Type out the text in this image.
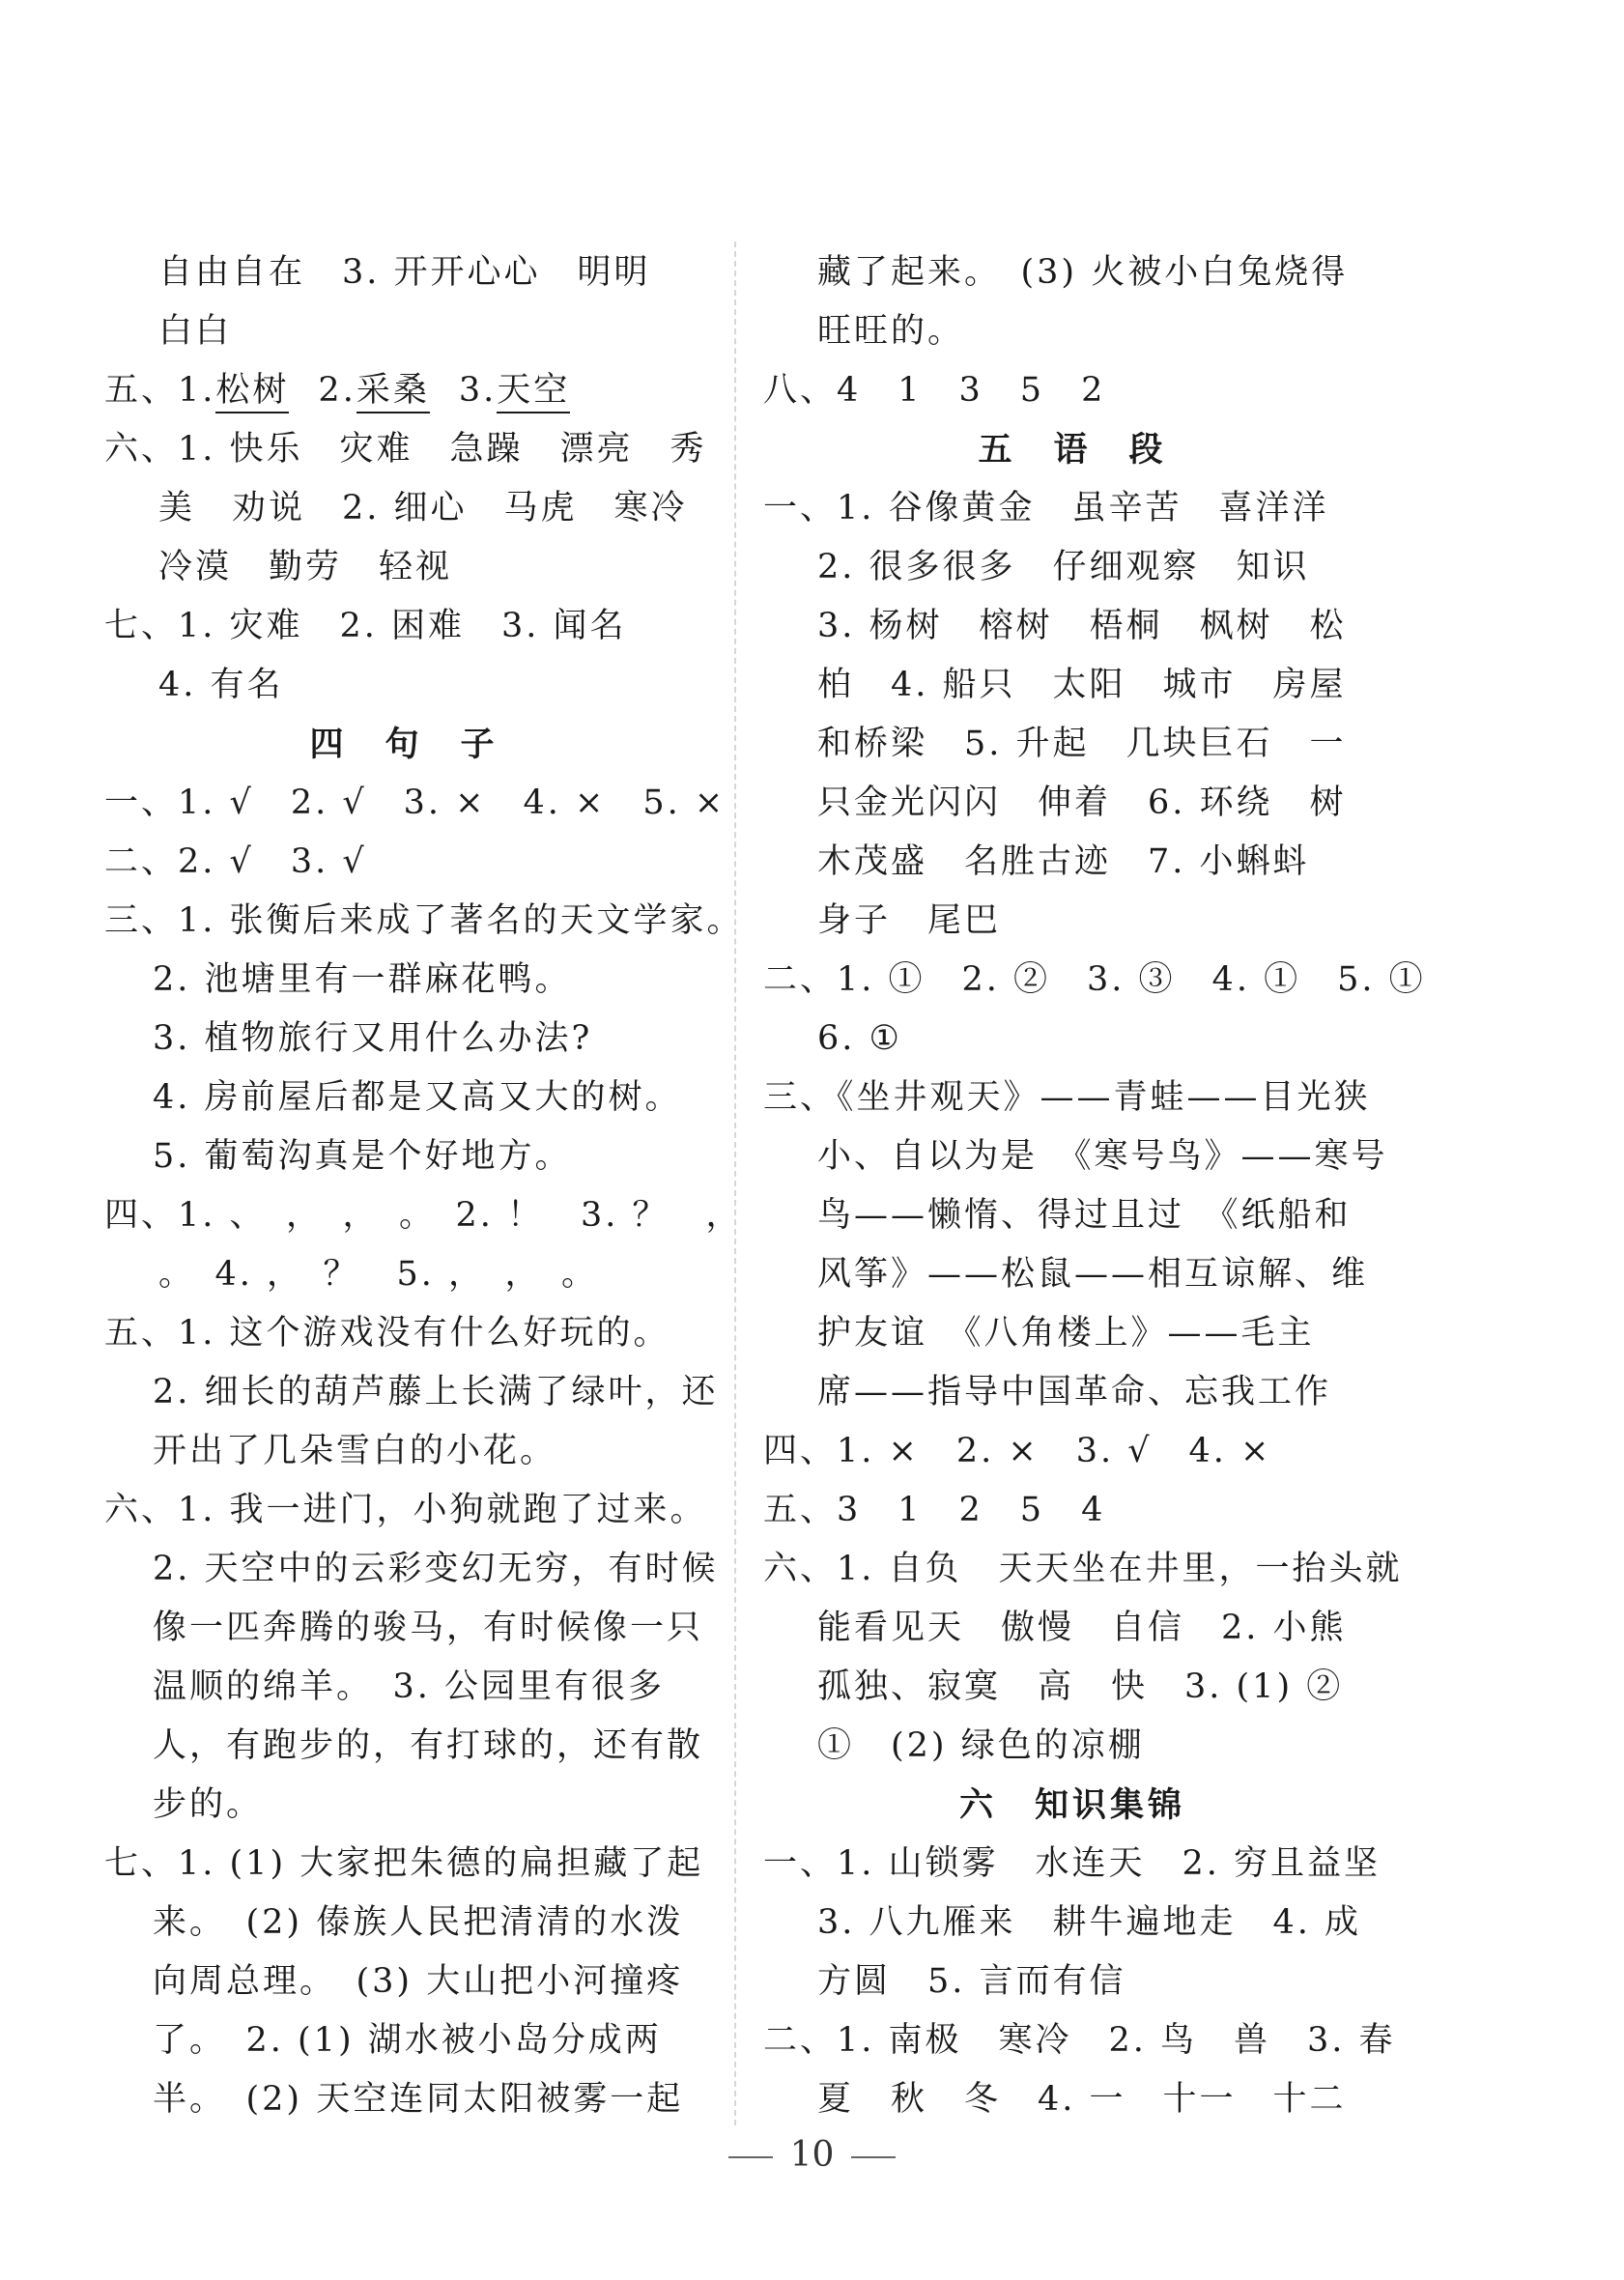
自由自在　3. 开开心心　明明
白白
五、1.松树 2.采桑 3.天空
六、1. 快乐　灾难　急躁　漂亮　秀
美　劝说　2. 细心　马虎　寒冷
冷漠　勤劳　轻视
七、1. 灾难　2. 困难　3. 闻名
4. 有名
四　句　子
一、1. √　2. √　3. ×　4. ×　5. ×
二、2. √　3. √
三、1. 张衡后来成了著名的天文学家。
2. 池塘里有一群麻花鸭。
3. 植物旅行又用什么办法?
4. 房前屋后都是又高又大的树。
5. 葡萄沟真是个好地方。
四、1. 、　，　，　。　2. ！　3. ？　，
。　4. ，　？　5. ，　，　。
五、1. 这个游戏没有什么好玩的。
2. 细长的葫芦藤上长满了绿叶，还
开出了几朵雪白的小花。
六、1. 我一进门，小狗就跑了过来。
2. 天空中的云彩变幻无穷，有时候
像一匹奔腾的骏马，有时候像一只
温顺的绵羊。　3. 公园里有很多
人，有跑步的，有打球的，还有散
步的。
七、1. (1) 大家把朱德的扁担藏了起
来。　(2) 傣族人民把清清的水泼
向周总理。　(3) 大山把小河撞疼
了。　2. (1) 湖水被小岛分成两
半。　(2) 天空连同太阳被雾一起
藏了起来。　(3) 火被小白兔烧得
旺旺的。
八、4　1　3　5　2
五　语　段
一、1. 谷像黄金　虽辛苦　喜洋洋
2. 很多很多　仔细观察　知识
3. 杨树　榕树　梧桐　枫树　松
柏　4. 船只　太阳　城市　房屋
和桥梁　5. 升起　几块巨石　一
只金光闪闪　伸着　6. 环绕　树
木茂盛　名胜古迹　7. 小蝌蚪
身子　尾巴
二、1. ①　2. ②　3. ③　4. ①　5. ①
6. ①
三、《坐井观天》——青蛙——目光狭
小、自以为是　《寒号鸟》——寒号
鸟——懒惰、得过且过　《纸船和
风筝》——松鼠——相互谅解、维
护友谊　《八角楼上》——毛主
席——指导中国革命、忘我工作
四、1. ×　2. ×　3. √　4. ×
五、3　1　2　5　4
六、1. 自负　天天坐在井里，一抬头就
能看见天　傲慢　自信　2. 小熊
孤独、寂寞　高　快　3. (1) ②
①　(2) 绿色的凉棚
六　知识集锦
一、1. 山锁雾　水连天　2. 穷且益坚
3. 八九雁来　耕牛遍地走　4. 成
方圆　5. 言而有信
二、1. 南极　寒冷　2. 鸟　兽　3. 春
夏　秋　冬　4. 一　十一　十二
10
